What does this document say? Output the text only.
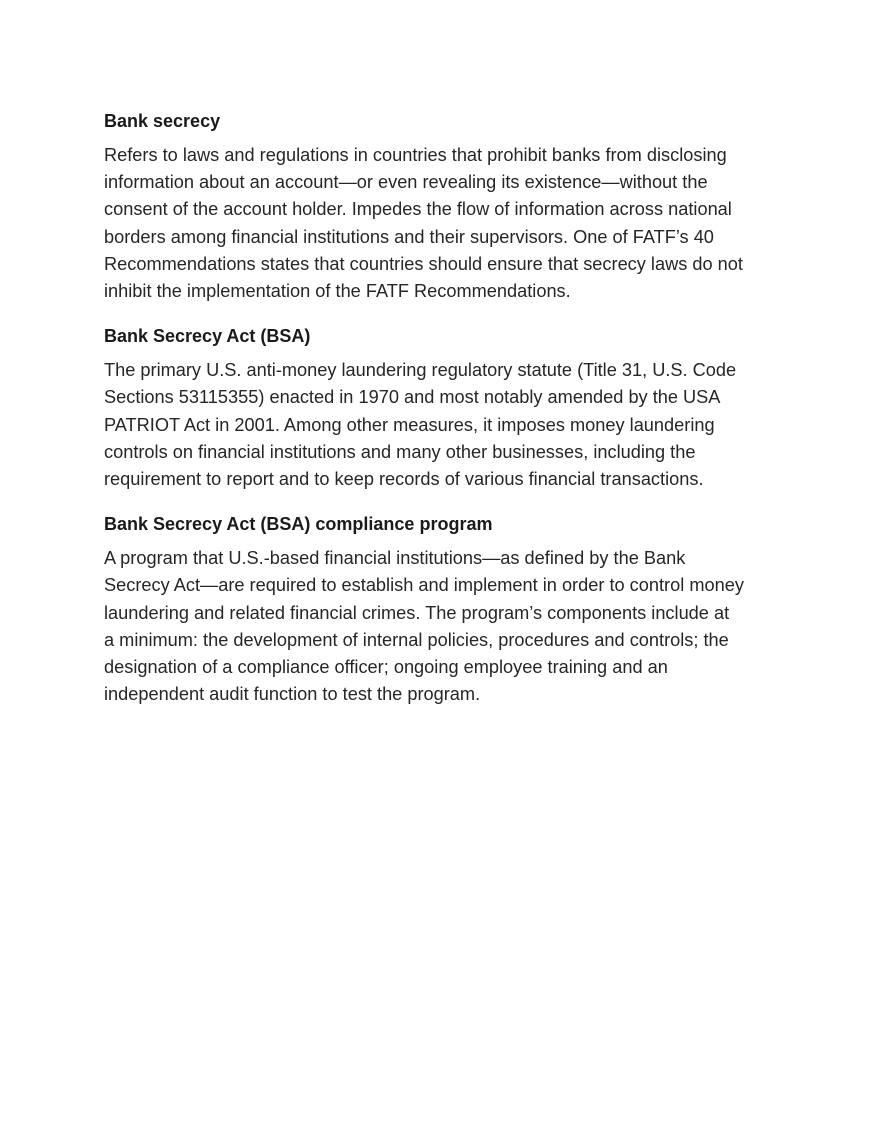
Bank secrecy

Refers to laws and regulations in countries that prohibit banks from disclosing information about an account—or even revealing its existence—without the consent of the account holder. Impedes the flow of information across national borders among financial institutions and their supervisors. One of FATF’s 40 Recommendations states that countries should ensure that secrecy laws do not inhibit the implementation of the FATF Recommendations.

Bank Secrecy Act (BSA)

The primary U.S. anti-money laundering regulatory statute (Title 31, U.S. Code Sections 53115355) enacted in 1970 and most notably amended by the USA PATRIOT Act in 2001. Among other measures, it imposes money laundering controls on financial institutions and many other businesses, including the requirement to report and to keep records of various financial transactions.

Bank Secrecy Act (BSA) compliance program

A program that U.S.-based financial institutions—as defined by the Bank Secrecy Act—are required to establish and implement in order to control money laundering and related financial crimes. The program’s components include at a minimum: the development of internal policies, procedures and controls; the designation of a compliance officer; ongoing employee training and an independent audit function to test the program.
